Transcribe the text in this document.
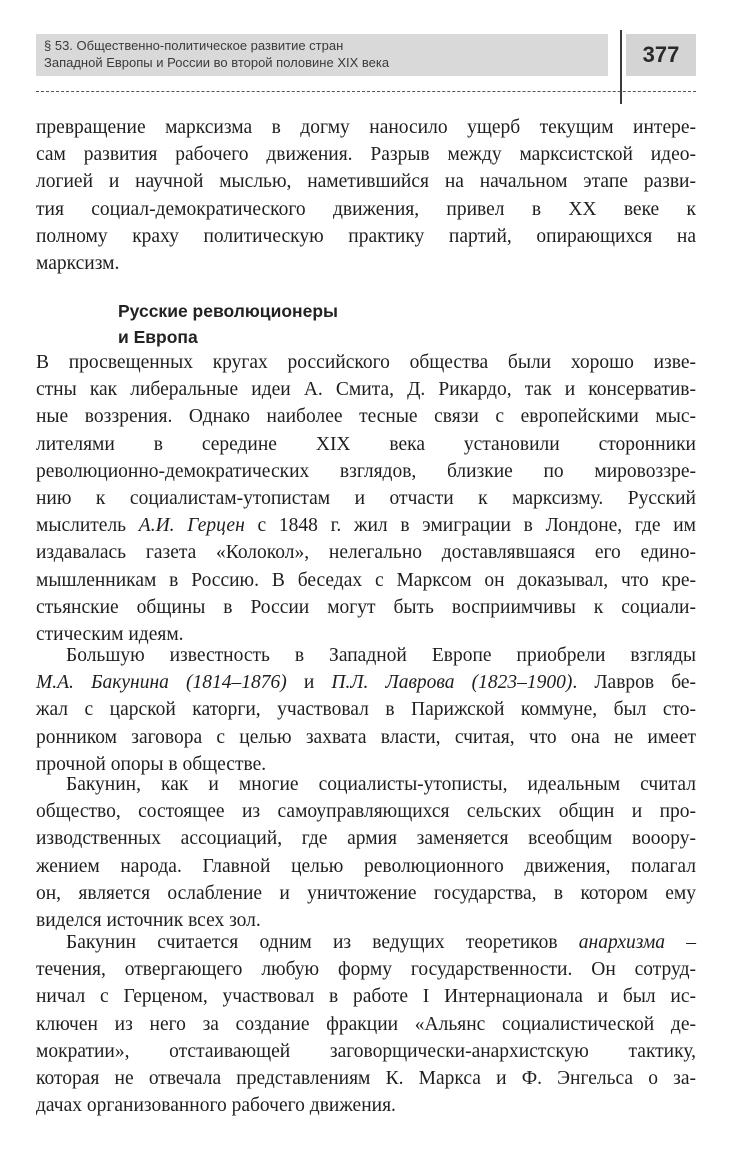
§ 53. Общественно-политическое развитие стран
Западной Европы и России во второй половине XIX века	377
превращение марксизма в догму наносило ущерб текущим интере-
сам развития рабочего движения. Разрыв между марксистской идео-
логией и научной мыслью, наметившийся на начальном этапе разви-
тия социал-демократического движения, привел в XX веке к
полному краху политическую практику партий, опирающихся на
марксизм.
Русские революционеры
и Европа
В просвещенных кругах российского общества были хорошо изве-
стны как либеральные идеи А. Смита, Д. Рикардо, так и консерватив-
ные воззрения. Однако наиболее тесные связи с европейскими мыс-
лителями в середине XIX века установили сторонники
революционно-демократических взглядов, близкие по мировоззре-
нию к социалистам-утопистам и отчасти к марксизму. Русский
мыслитель А.И. Герцен с 1848 г. жил в эмиграции в Лондоне, где им
издавалась газета «Колокол», нелегально доставлявшаяся его едино-
мышленникам в Россию. В беседах с Марксом он доказывал, что кре-
стьянские общины в России могут быть восприимчивы к социали-
стическим идеям.
Большую известность в Западной Европе приобрели взгляды
М.А. Бакунина (1814–1876) и П.Л. Лаврова (1823–1900). Лавров бе-
жал с царской каторги, участвовал в Парижской коммуне, был сто-
ронником заговора с целью захвата власти, считая, что она не имеет
прочной опоры в обществе.
Бакунин, как и многие социалисты-утописты, идеальным считал
общество, состоящее из самоуправляющихся сельских общин и про-
изводственных ассоциаций, где армия заменяется всеобщим вооору-
жением народа. Главной целью революционного движения, полагал
он, является ослабление и уничтожение государства, в котором ему
виделся источник всех зол.
Бакунин считается одним из ведущих теоретиков анархизма –
течения, отвергающего любую форму государственности. Он сотруд-
ничал с Герценом, участвовал в работе I Интернационала и был ис-
ключен из него за создание фракции «Альянс социалистической де-
мократии», отстаивающей заговорщически-анархистскую тактику,
которая не отвечала представлениям К. Маркса и Ф. Энгельса о за-
дачах организованного рабочего движения.
